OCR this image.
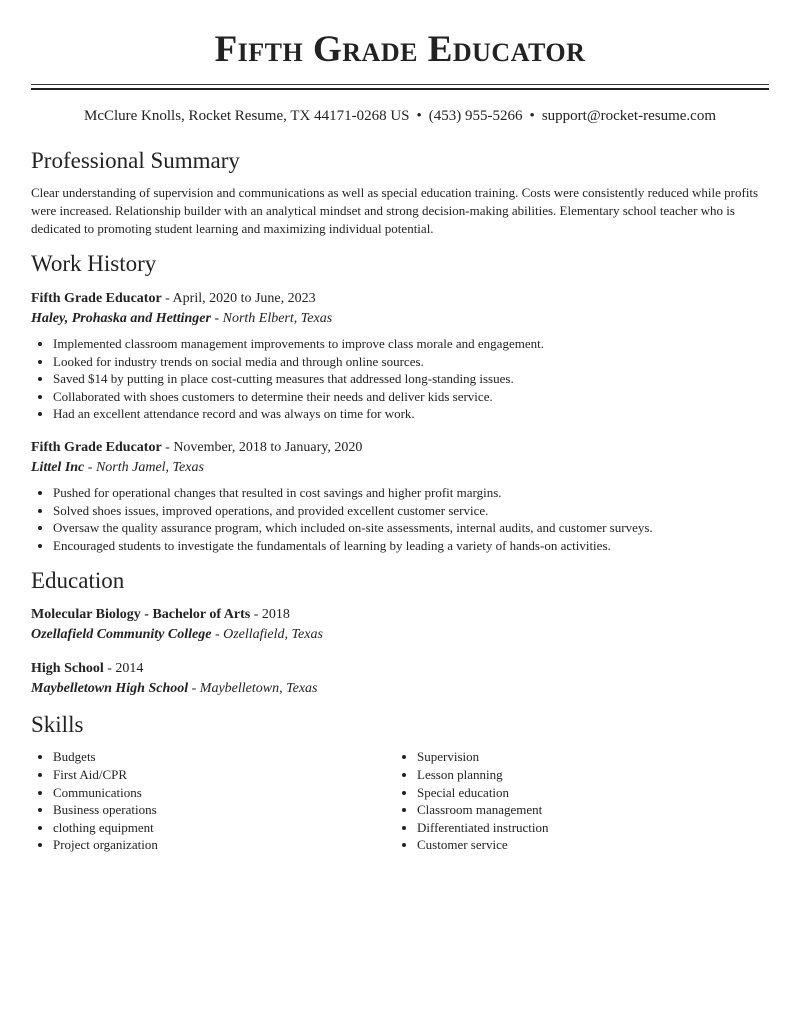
Fifth Grade Educator
McClure Knolls, Rocket Resume, TX 44171-0268 US • (453) 955-5266 • support@rocket-resume.com
Professional Summary
Clear understanding of supervision and communications as well as special education training. Costs were consistently reduced while profits were increased. Relationship builder with an analytical mindset and strong decision-making abilities. Elementary school teacher who is dedicated to promoting student learning and maximizing individual potential.
Work History
Fifth Grade Educator - April, 2020 to June, 2023
Haley, Prohaska and Hettinger - North Elbert, Texas
• Implemented classroom management improvements to improve class morale and engagement.
• Looked for industry trends on social media and through online sources.
• Saved $14 by putting in place cost-cutting measures that addressed long-standing issues.
• Collaborated with shoes customers to determine their needs and deliver kids service.
• Had an excellent attendance record and was always on time for work.
Fifth Grade Educator - November, 2018 to January, 2020
Littel Inc - North Jamel, Texas
• Pushed for operational changes that resulted in cost savings and higher profit margins.
• Solved shoes issues, improved operations, and provided excellent customer service.
• Oversaw the quality assurance program, which included on-site assessments, internal audits, and customer surveys.
• Encouraged students to investigate the fundamentals of learning by leading a variety of hands-on activities.
Education
Molecular Biology - Bachelor of Arts - 2018
Ozellafield Community College - Ozellafield, Texas
High School - 2014
Maybelletown High School - Maybelletown, Texas
Skills
• Budgets
• First Aid/CPR
• Communications
• Business operations
• clothing equipment
• Project organization
• Supervision
• Lesson planning
• Special education
• Classroom management
• Differentiated instruction
• Customer service
